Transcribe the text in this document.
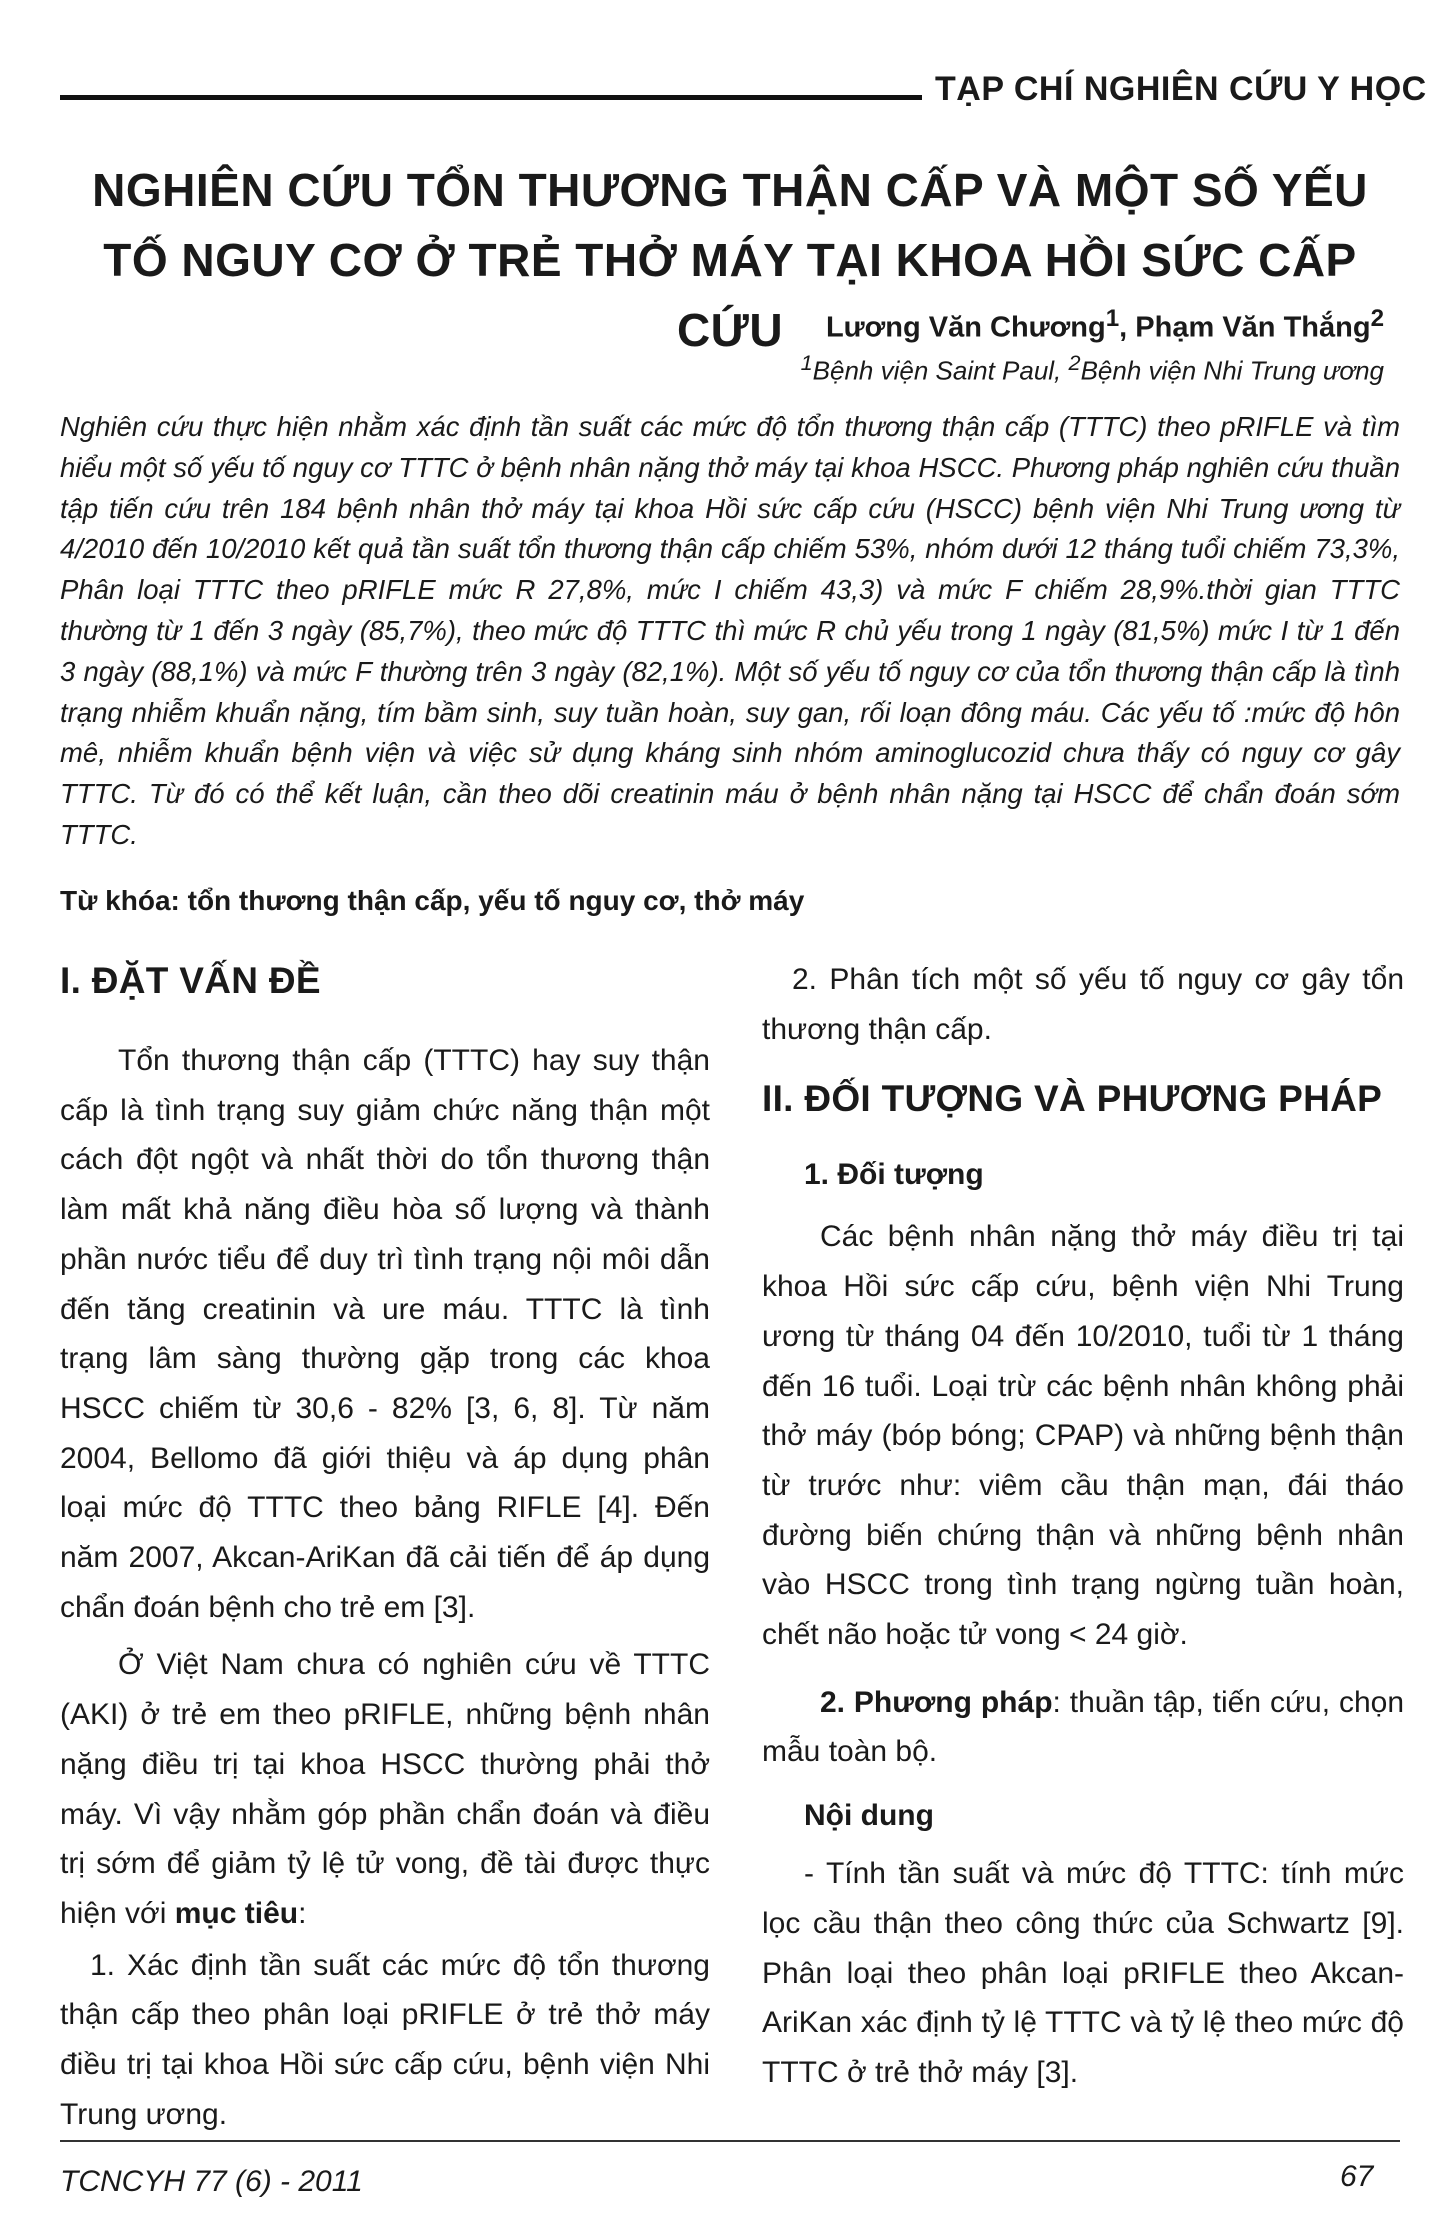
TẠP CHÍ NGHIÊN CỨU Y HỌC
NGHIÊN CỨU TỔN THƯƠNG THẬN CẤP VÀ MỘT SỐ YẾU TỐ NGUY CƠ Ở TRẺ THỞ MÁY TẠI KHOA HỒI SỨC CẤP CỨU	Lương Văn Chương$^1$, Phạm Văn Thắng$^2$
$^1$Bệnh viện Saint Paul, $^2$Bệnh viện Nhi Trung ương
Nghiên cứu thực hiện nhằm xác định tần suất các mức độ tổn thương thận cấp (TTTC) theo pRIFLE và tìm hiểu một số yếu tố nguy cơ TTTC ở bệnh nhân nặng thở máy tại khoa HSCC. Phương pháp nghiên cứu thuần tập tiến cứu trên 184 bệnh nhân thở máy tại khoa Hồi sức cấp cứu (HSCC) bệnh viện Nhi Trung ương từ 4/2010 đến 10/2010 kết quả tần suất tổn thương thận cấp chiếm 53%, nhóm dưới 12 tháng tuổi chiếm 73,3%, Phân loại TTTC theo pRIFLE mức R 27,8%, mức I chiếm 43,3) và mức F chiếm 28,9%.thời gian TTTC thường từ 1 đến 3 ngày (85,7%), theo mức độ TTTC thì mức R chủ yếu trong 1 ngày (81,5%) mức I từ 1 đến 3 ngày (88,1%) và mức F thường trên 3 ngày (82,1%). Một số yếu tố nguy cơ của tổn thương thận cấp là tình trạng nhiễm khuẩn nặng, tím bầm sinh, suy tuần hoàn, suy gan, rối loạn đông máu. Các yếu tố :mức độ hôn mê, nhiễm khuẩn bệnh viện và việc sử dụng kháng sinh nhóm aminoglucozid chưa thấy có nguy cơ gây TTTC. Từ đó có thể kết luận, cần theo dõi creatinin máu ở bệnh nhân nặng tại HSCC để chẩn đoán sớm TTTC.
Từ khóa: tổn thương thận cấp, yếu tố nguy cơ, thở máy
I. ĐẶT VẤN ĐỀ

Tổn thương thận cấp (TTTC) hay suy thận cấp là tình trạng suy giảm chức năng thận một cách đột ngột và nhất thời do tổn thương thận làm mất khả năng điều hòa số lượng và thành phần nước tiểu để duy trì tình trạng nội môi dẫn đến tăng creatinin và ure máu. TTTC là tình trạng lâm sàng thường gặp trong các khoa HSCC chiếm từ 30,6 - 82% [3, 6, 8]. Từ năm 2004, Bellomo đã giới thiệu và áp dụng phân loại mức độ TTTC theo bảng RIFLE [4]. Đến năm 2007, Akcan-AriKan đã cải tiến để áp dụng chẩn đoán bệnh cho trẻ em [3].

Ở Việt Nam chưa có nghiên cứu về TTTC (AKI) ở trẻ em theo pRIFLE, những bệnh nhân nặng điều trị tại khoa HSCC thường phải thở máy. Vì vậy nhằm góp phần chẩn đoán và điều trị sớm để giảm tỷ lệ tử vong, đề tài được thực hiện với mục tiêu:

1. Xác định tần suất các mức độ tổn thương thận cấp theo phân loại pRIFLE ở trẻ thở máy điều trị tại khoa Hồi sức cấp cứu, bệnh viện Nhi Trung ương.

2. Phân tích một số yếu tố nguy cơ gây tổn thương thận cấp.

II. ĐỐI TƯỢNG VÀ PHƯƠNG PHÁP
1. Đối tượng

Các bệnh nhân nặng thở máy điều trị tại khoa Hồi sức cấp cứu, bệnh viện Nhi Trung ương từ tháng 04 đến 10/2010, tuổi từ 1 tháng đến 16 tuổi. Loại trừ các bệnh nhân không phải thở máy (bóp bóng; CPAP) và những bệnh thận từ trước như: viêm cầu thận mạn, đái tháo đường biến chứng thận và những bệnh nhân vào HSCC trong tình trạng ngừng tuần hoàn, chết não hoặc tử vong < 24 giờ.

2. Phương pháp: thuần tập, tiến cứu, chọn mẫu toàn bộ.

Nội dung

- Tính tần suất và mức độ TTTC: tính mức lọc cầu thận theo công thức của Schwartz [9]. Phân loại theo phân loại pRIFLE theo Akcan-AriKan xác định tỷ lệ TTTC và tỷ lệ theo mức độ TTTC ở trẻ thở máy [3].

TCNCYH 77 (6) - 2011	67
